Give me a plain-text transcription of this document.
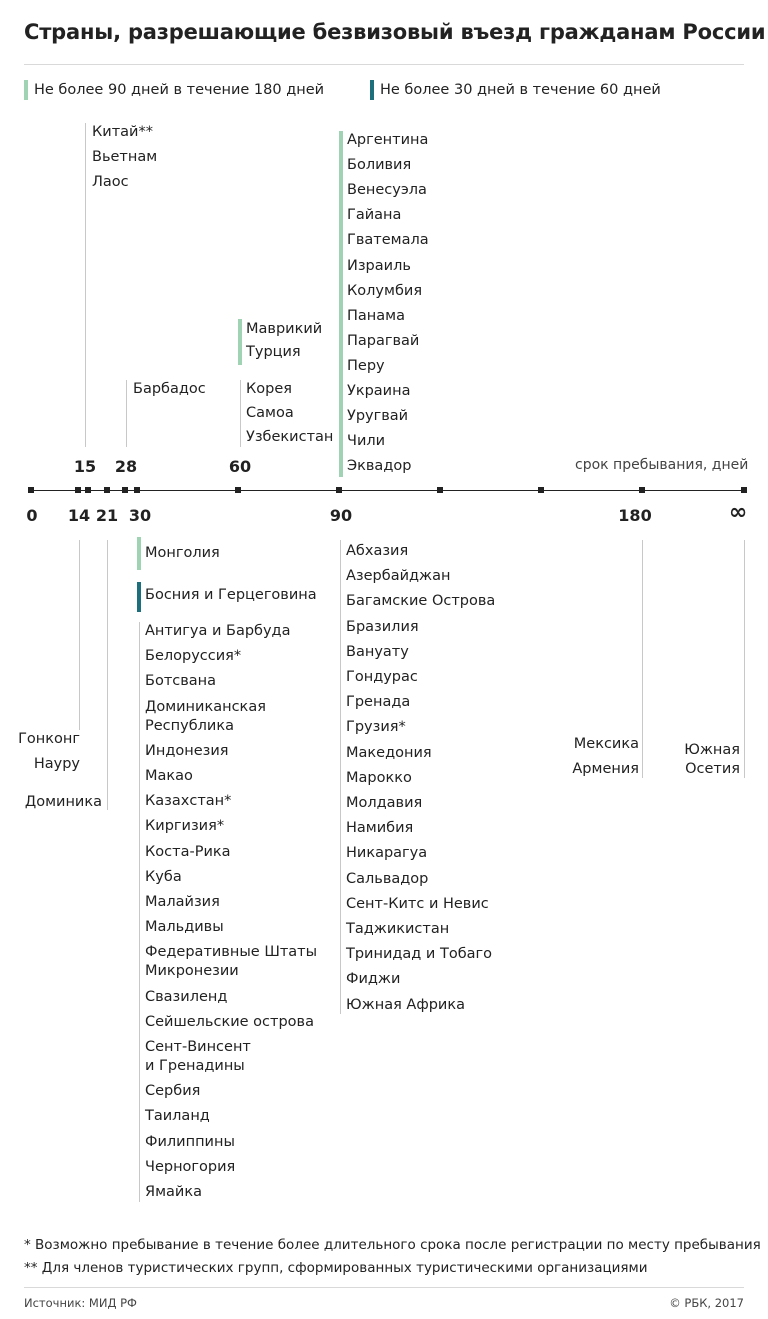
Страны, разрешающие безвизовый въезд гражданам России
Не более 90 дней в течение 180 дней	Не более 30 дней в течение 60 дней
Китай**
Вьетнам
Лаос
Барбадос
Маврикий
Турция
Корея
Самоа
Узбекистан
Аргентина
Боливия
Венесуэла
Гайана
Гватемала
Израиль
Колумбия
Панама
Парагвай
Перу
Украина
Уругвай
Чили
Эквадор
Гонконг
Науру
Доминика
Монголия
Босния и Герцеговина
Антигуа и Барбуда
Белоруссия*
Ботсвана
Доминиканская
Республика
Индонезия
Макао
Казахстан*
Киргизия*
Коста-Рика
Куба
Малайзия
Мальдивы
Федеративные Штаты
Микронезии
Свазиленд
Сейшельские острова
Сент-Винсент
и Гренадины
Сербия
Таиланд
Филиппины
Черногория
Ямайка
Абхазия
Азербайджан
Багамские Острова
Бразилия
Вануату
Гондурас
Гренада
Грузия*
Македония
Марокко
Молдавия
Намибия
Никарагуа
Сальвадор
Сент-Китс и Невис
Таджикистан
Тринидад и Тобаго
Фиджи
Южная Африка
Мексика
Армения
Южная
Осетия
15 28	60	срок пребывания, дней
0 14 21 30	90	180	∞
* Возможно пребывание в течение более длительного срока после регистрации по месту пребывания
** Для членов туристических групп, сформированных туристическими организациями
Источник: МИД РФ	© РБК, 2017
